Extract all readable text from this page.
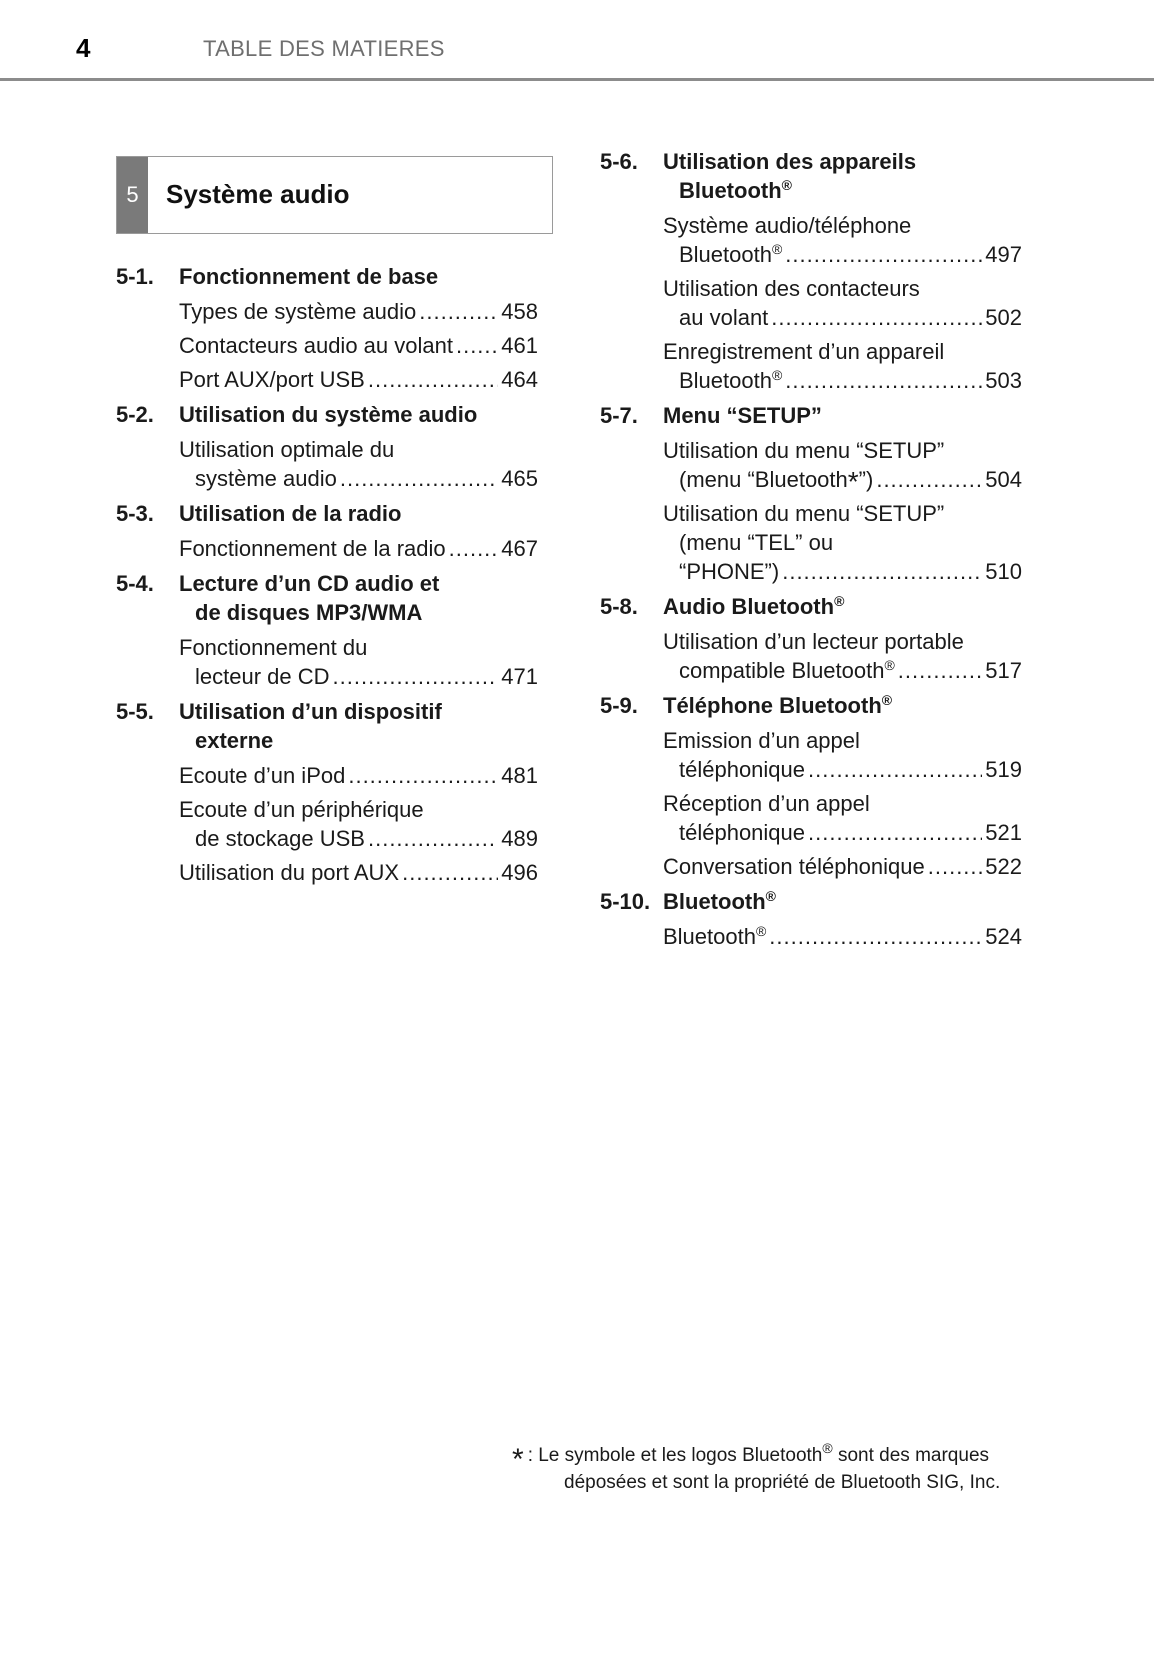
4	TABLE DES MATIERES
5	Système audio
5-1. Fonctionnement de base
Types de système audio .....	458
Contacteurs audio au volant ..... 461
Port AUX/port USB .....	464
5-2. Utilisation du système audio
Utilisation optimale du
système audio .....	465
5-3. Utilisation de la radio
Fonctionnement de la radio .....	467
5-4. Lecture d’un CD audio et
de disques MP3/WMA
Fonctionnement du
lecteur de CD .....	471
5-5. Utilisation d’un dispositif
externe
Ecoute d’un iPod .....	481
Ecoute d’un périphérique
de stockage USB .....	489
Utilisation du port AUX .....	496
5-6. Utilisation des appareils
Bluetooth®
Système audio/téléphone
Bluetooth® .....	497
Utilisation des contacteurs
au volant .....	502
Enregistrement d’un appareil
Bluetooth® .....	503
5-7. Menu “SETUP”
Utilisation du menu “SETUP”
(menu “Bluetooth*”) .....	504
Utilisation du menu “SETUP”
(menu “TEL” ou
“PHONE”) .....	510
5-8. Audio Bluetooth®
Utilisation d’un lecteur portable
compatible Bluetooth® .....	517
5-9. Téléphone Bluetooth®
Emission d’un appel
téléphonique .....	519
Réception d’un appel
téléphonique .....	521
Conversation téléphonique .....	522
5-10. Bluetooth®
Bluetooth® .....	524
* : Le symbole et les logos Bluetooth® sont des marques
déposées et sont la propriété de Bluetooth SIG, Inc.
